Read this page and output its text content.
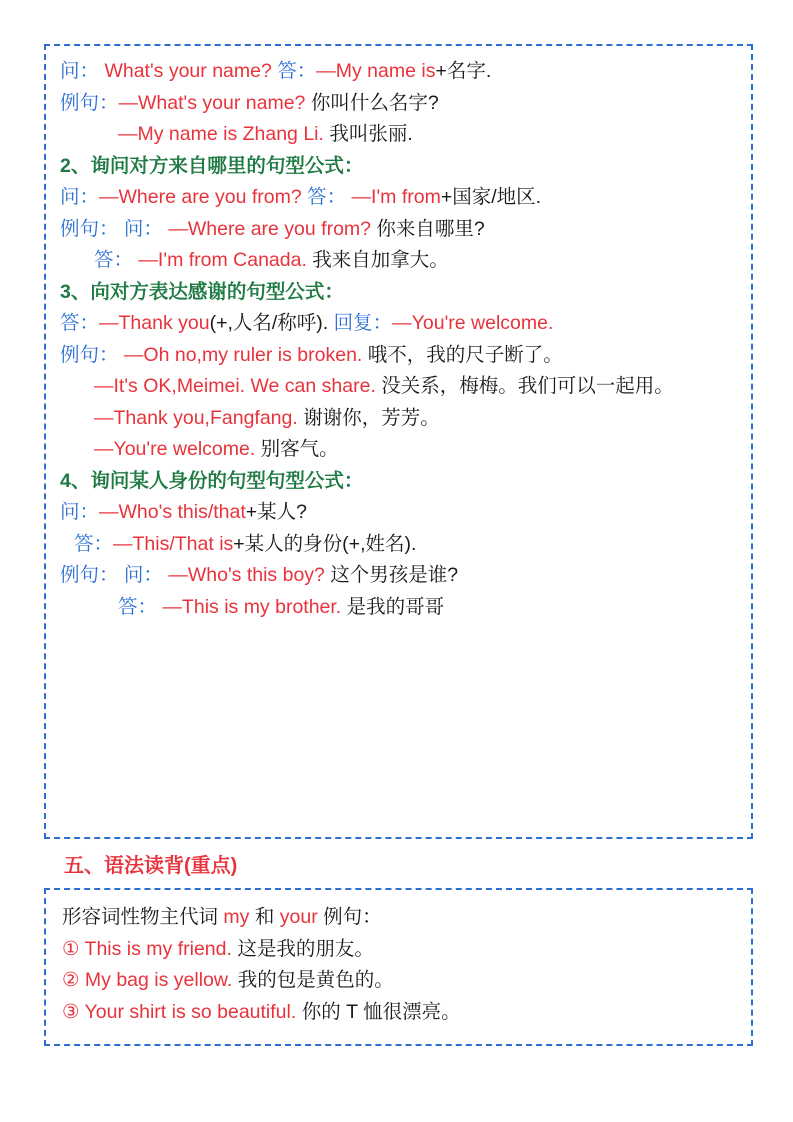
问： What's your name? 答：—My name is+名字.
例句：—What's your name? 你叫什么名字?
—My name is Zhang Li. 我叫张丽.
2、询问对方来自哪里的句型公式：
问：—Where are you from? 答： —I'm from+国家/地区.
例句： 问： —Where are you from? 你来自哪里?
答： —I'm from Canada. 我来自加拿大。
3、向对方表达感谢的句型公式：
答：—Thank you(+,人名/称呼). 回复：—You're welcome.
例句： —Oh no,my ruler is broken. 哦不，我的尺子断了。
—It's OK,Meimei. We can share. 没关系，梅梅。我们可以一起用。
—Thank you,Fangfang. 谢谢你，芳芳。
—You're welcome. 别客气。
4、询问某人身份的句型句型公式：
问：—Who's this/that+某人?
答：—This/That is+某人的身份(+,姓名).
例句： 问： —Who's this boy? 这个男孩是谁?
答： —This is my brother. 是我的哥哥
五、语法读背(重点)
形容词性物主代词 my 和 your 例句：
① This is my friend. 这是我的朋友。
② My bag is yellow. 我的包是黄色的。
③ Your shirt is so beautiful. 你的 T 恤很漂亮。
